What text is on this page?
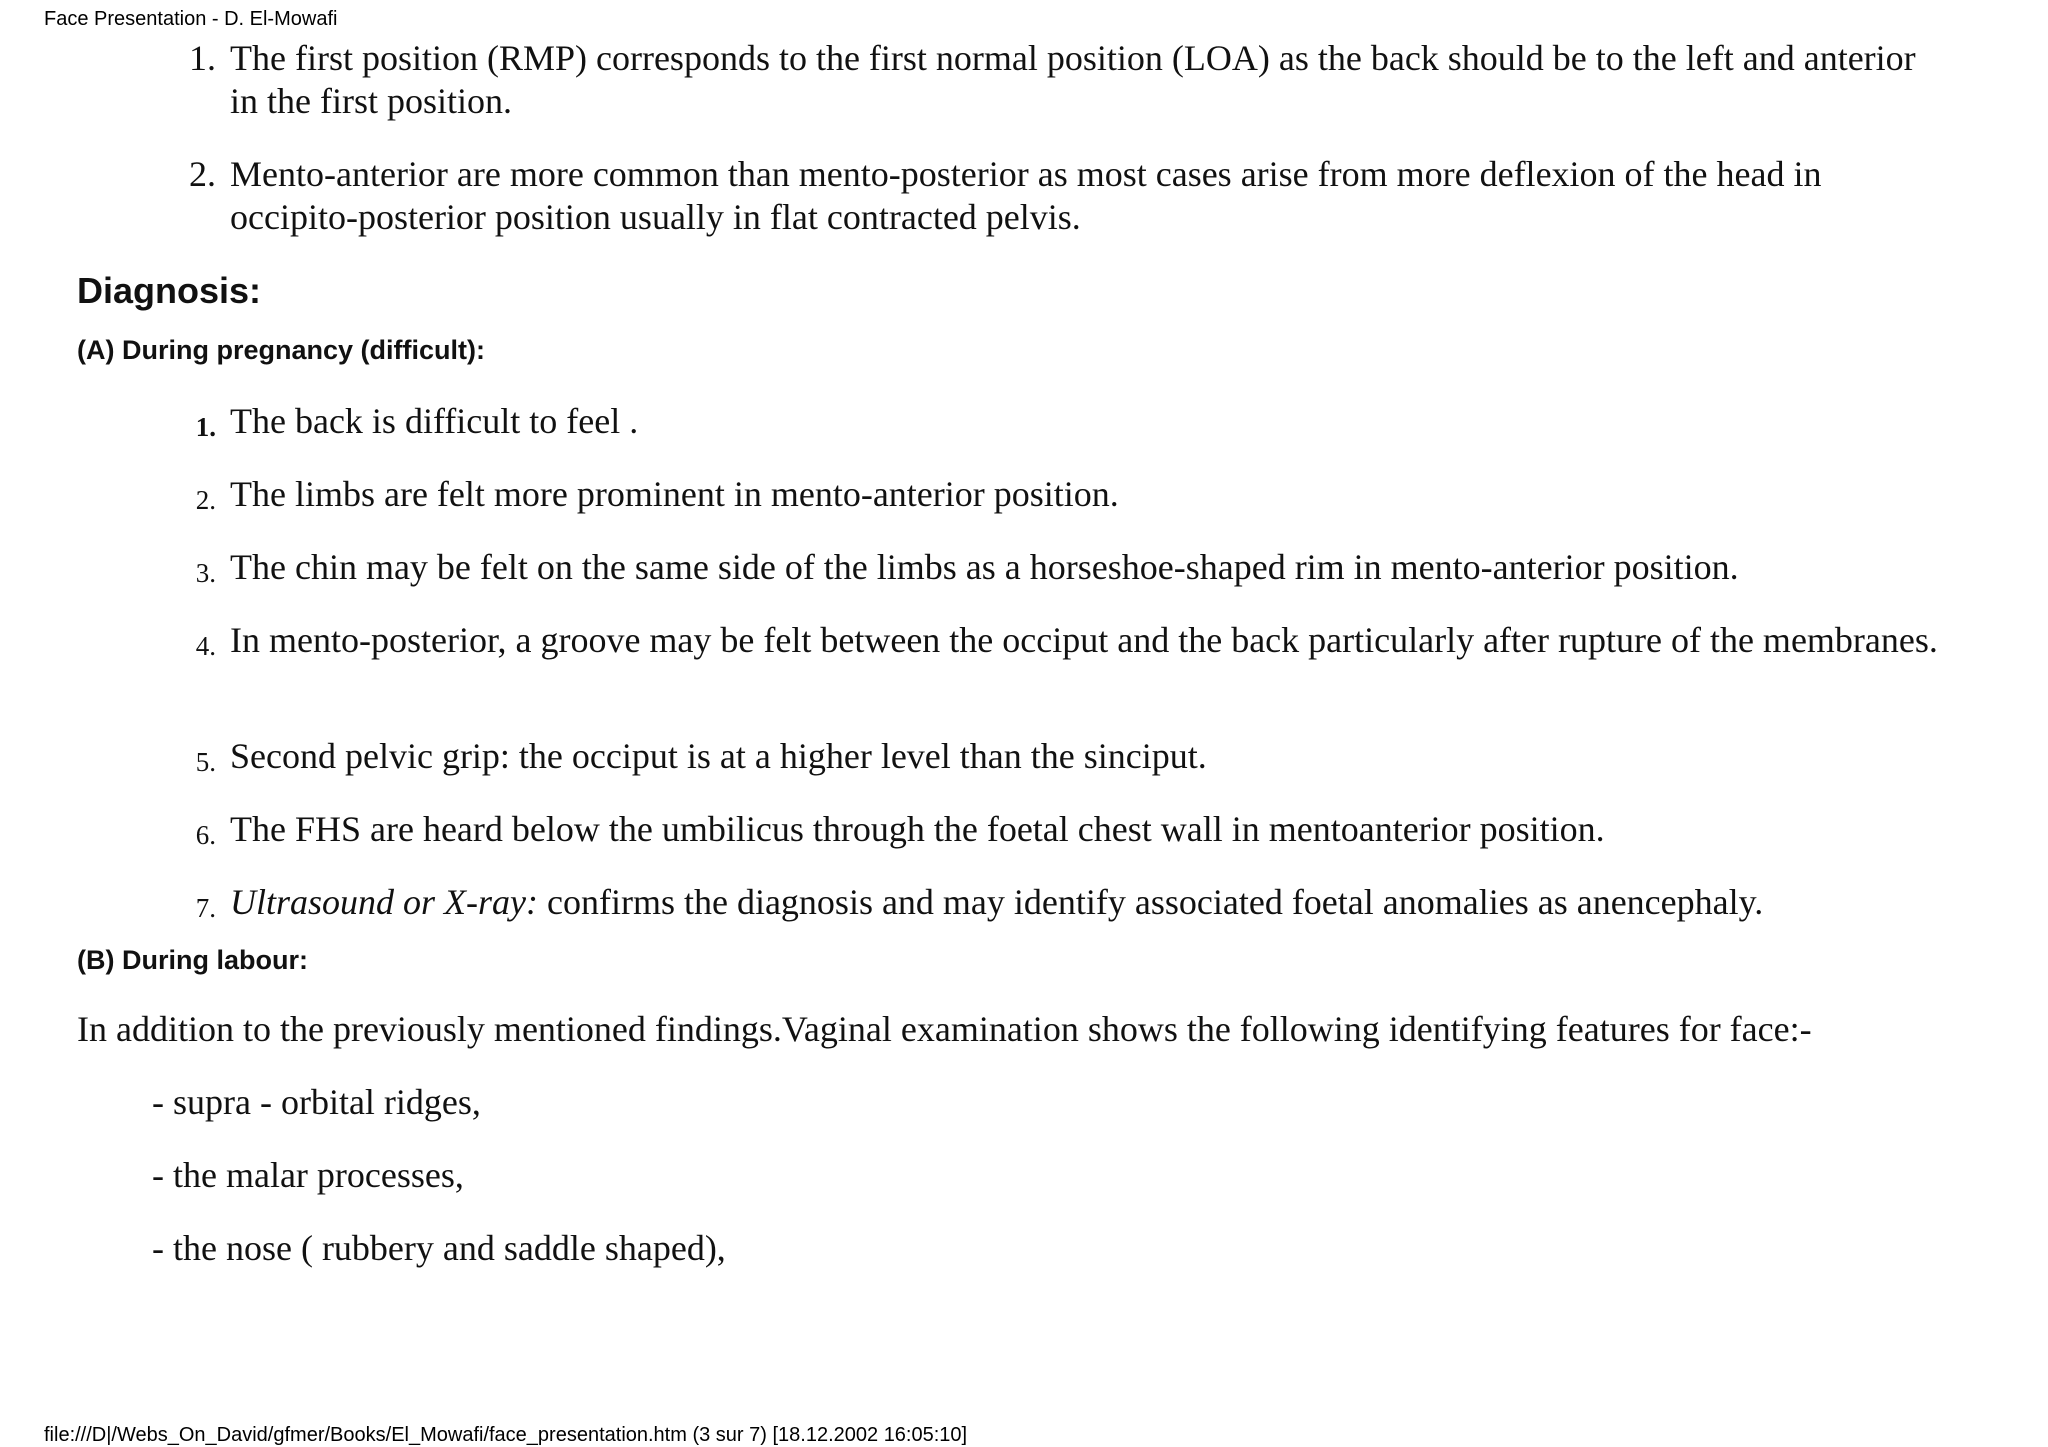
Face Presentation - D. El-Mowafi
1. The first position (RMP) corresponds to the first normal position (LOA) as the back should be to the left and anterior in the first position.
2. Mento-anterior are more common than mento-posterior as most cases arise from more deflexion of the head in occipito-posterior position usually in flat contracted pelvis.
Diagnosis:
(A) During pregnancy (difficult):
1. The back is difficult to feel .
2. The limbs are felt more prominent in mento-anterior position.
3. The chin may be felt on the same side of the limbs as a horseshoe-shaped rim in mento-anterior position.
4. In mento-posterior, a groove may be felt between the occiput and the back particularly after rupture of the membranes.
5. Second pelvic grip: the occiput is at a higher level than the sinciput.
6. The FHS are heard below the umbilicus through the foetal chest wall in mentoanterior position.
7. Ultrasound or X-ray: confirms the diagnosis and may identify associated foetal anomalies as anencephaly.
(B) During labour:
In addition to the previously mentioned findings.Vaginal examination shows the following identifying features for face:-
- supra - orbital ridges,
- the malar processes,
- the nose ( rubbery and saddle shaped),
file:///D|/Webs_On_David/gfmer/Books/El_Mowafi/face_presentation.htm (3 sur 7) [18.12.2002 16:05:10]
